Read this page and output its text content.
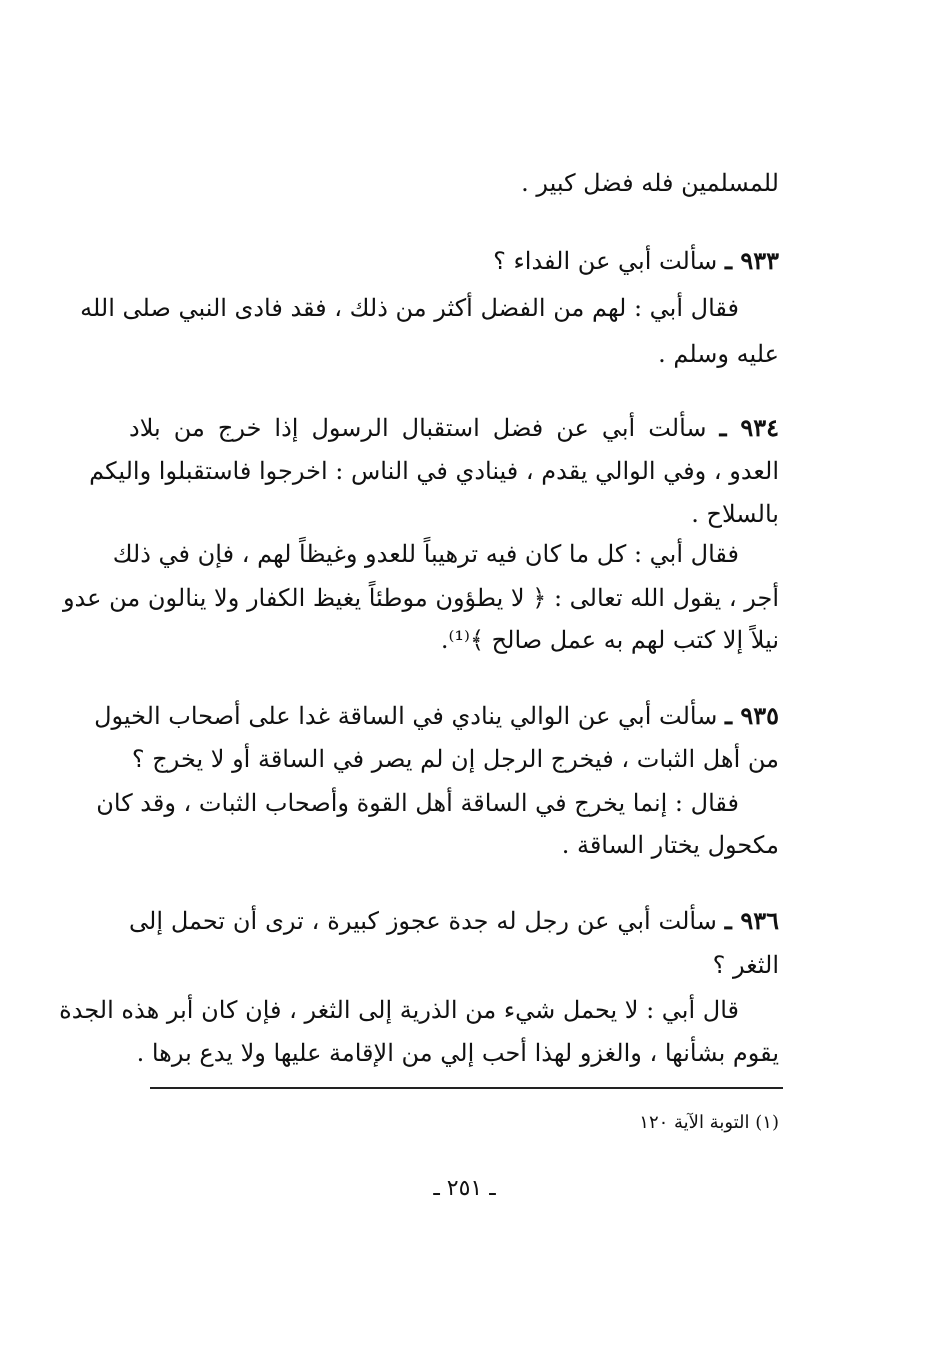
للمسلمين فله فضل كبير .

٩٣٣ ـ سألت أبي عن الفداء ؟

فقال أبي : لهم من الفضل أكثر من ذلك ، فقد فادى النبي صلى الله

عليه وسلم .

٩٣٤ ـ سألت أبي عن فضل استقبال الرسول إذا خرج من بلاد

العدو ، وفي الوالي يقدم ، فينادي في الناس : اخرجوا فاستقبلوا واليكم

بالسلاح .

فقال أبي : كل ما كان فيه ترهيباً للعدو وغيظاً لهم ، فإن في ذلك

أجر ، يقول الله تعالى : ﴿ لا يطؤون موطئاً يغيظ الكفار ولا ينالون من عدو

نيلاً إلا كتب لهم به عمل صالح ﴾⁽¹⁾.

٩٣٥ ـ سألت أبي عن الوالي ينادي في الساقة غدا على أصحاب الخيول

من أهل الثبات ، فيخرج الرجل إن لم يصر في الساقة أو لا يخرج ؟

فقال : إنما يخرج في الساقة أهل القوة وأصحاب الثبات ، وقد كان

مكحول يختار الساقة .

٩٣٦ ـ سألت أبي عن رجل له جدة عجوز كبيرة ، ترى أن تحمل إلى

الثغر ؟

قال أبي : لا يحمل شيء من الذرية إلى الثغر ، فإن كان أبر هذه الجدة

يقوم بشأنها ، والغزو لهذا أحب إلي من الإقامة عليها ولا يدع برها .

(١) التوبة الآية ١٢٠

ـ ٢٥١ ـ
